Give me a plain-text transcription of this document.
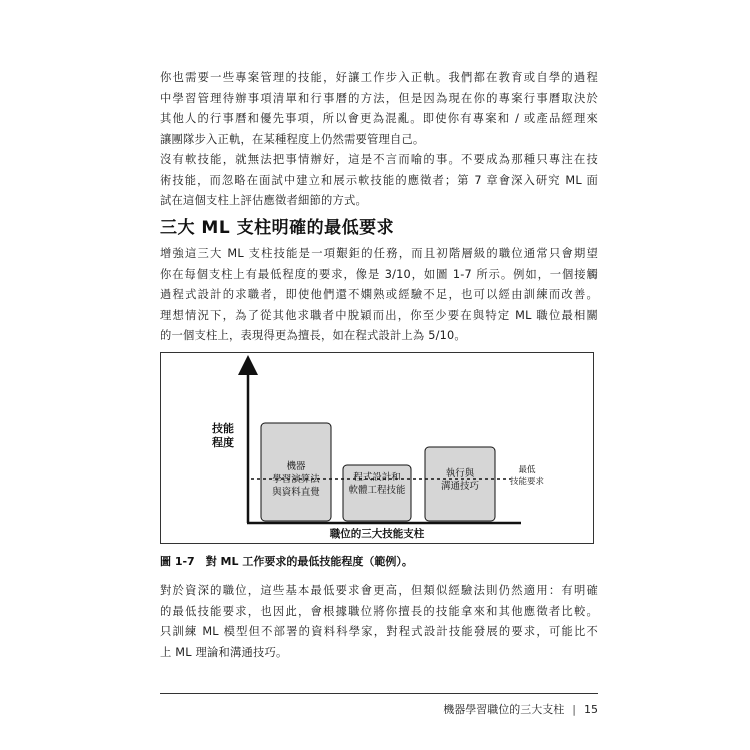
你也需要一些專案管理的技能，好讓工作步入正軌。我們都在教育或自學的過程
中學習管理待辦事項清單和行事曆的方法，但是因為現在你的專案行事曆取決於
其他人的行事曆和優先事項，所以會更為混亂。即使你有專案和 / 或產品經理來
讓團隊步入正軌，在某種程度上仍然需要管理自己。
沒有軟技能，就無法把事情辦好，這是不言而喻的事。不要成為那種只專注在技
術技能，而忽略在面試中建立和展示軟技能的應徵者；第 7 章會深入研究 ML 面
試在這個支柱上評估應徵者細節的方式。
三大 ML 支柱明確的最低要求
增強這三大 ML 支柱技能是一項艱鉅的任務，而且初階層級的職位通常只會期望
你在每個支柱上有最低程度的要求，像是 3/10，如圖 1-7 所示。例如，一個接觸
過程式設計的求職者，即使他們還不嫻熟或經驗不足，也可以經由訓練而改善。
理想情況下，為了從其他求職者中脫穎而出，你至少要在與特定 ML 職位最相關
的一個支柱上，表現得更為擅長，如在程式設計上為 5/10。
技能
程度
機器
學習演算法
與資料直覺
程式設計和
軟體工程技能
執行與
溝通技巧
最低
技能要求
職位的三大技能支柱
圖 1-7　對 ML 工作要求的最低技能程度（範例）。
對於資深的職位，這些基本最低要求會更高，但類似經驗法則仍然適用：有明確
的最低技能要求，也因此，會根據職位將你擅長的技能拿來和其他應徵者比較。
只訓練 ML 模型但不部署的資料科學家，對程式設計技能發展的要求，可能比不
上 ML 理論和溝通技巧。
機器學習職位的三大支柱 | 15
